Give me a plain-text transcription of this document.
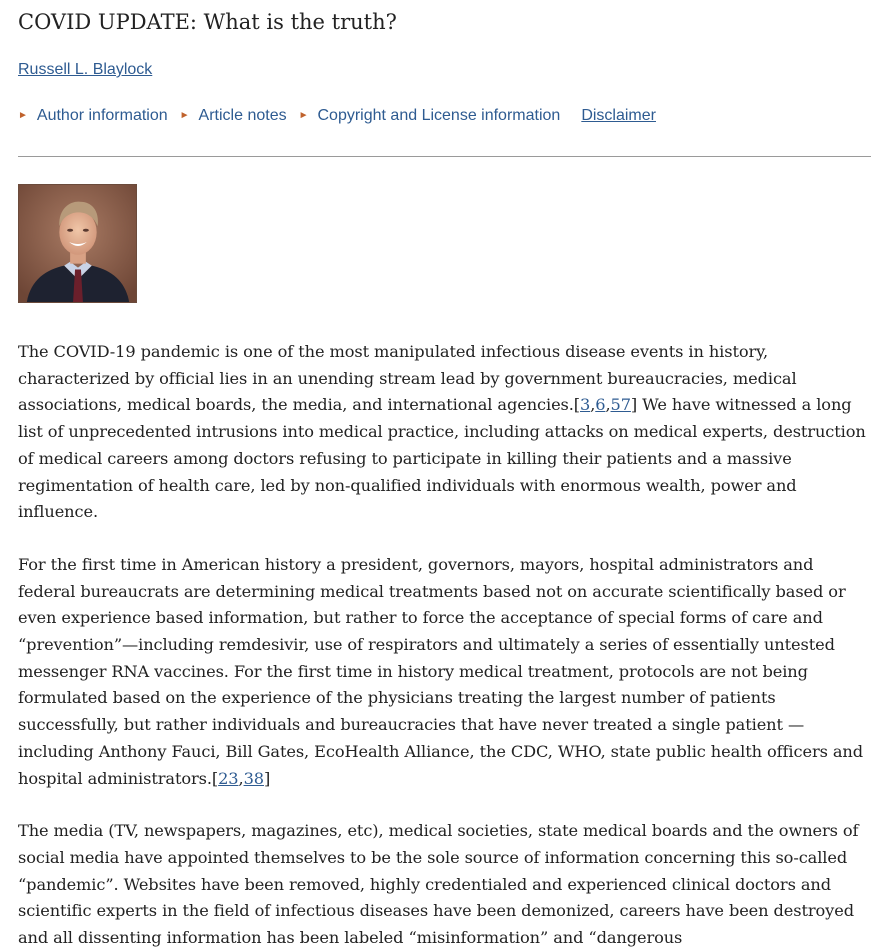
COVID UPDATE: What is the truth?
Russell L. Blaylock
► Author information ► Article notes ► Copyright and License information Disclaimer

The COVID-19 pandemic is one of the most manipulated infectious disease events in history, characterized by official lies in an unending stream lead by government bureaucracies, medical associations, medical boards, the media, and international agencies.[3,6,57] We have witnessed a long list of unprecedented intrusions into medical practice, including attacks on medical experts, destruction of medical careers among doctors refusing to participate in killing their patients and a massive regimentation of health care, led by non-qualified individuals with enormous wealth, power and influence.

For the first time in American history a president, governors, mayors, hospital administrators and federal bureaucrats are determining medical treatments based not on accurate scientifically based or even experience based information, but rather to force the acceptance of special forms of care and “prevention”—including remdesivir, use of respirators and ultimately a series of essentially untested messenger RNA vaccines. For the first time in history medical treatment, protocols are not being formulated based on the experience of the physicians treating the largest number of patients successfully, but rather individuals and bureaucracies that have never treated a single patient —including Anthony Fauci, Bill Gates, EcoHealth Alliance, the CDC, WHO, state public health officers and hospital administrators.[23,38]

The media (TV, newspapers, magazines, etc), medical societies, state medical boards and the owners of social media have appointed themselves to be the sole source of information concerning this so-called “pandemic”. Websites have been removed, highly credentialed and experienced clinical doctors and scientific experts in the field of infectious diseases have been demonized, careers have been destroyed and all dissenting information has been labeled “misinformation” and “dangerous
